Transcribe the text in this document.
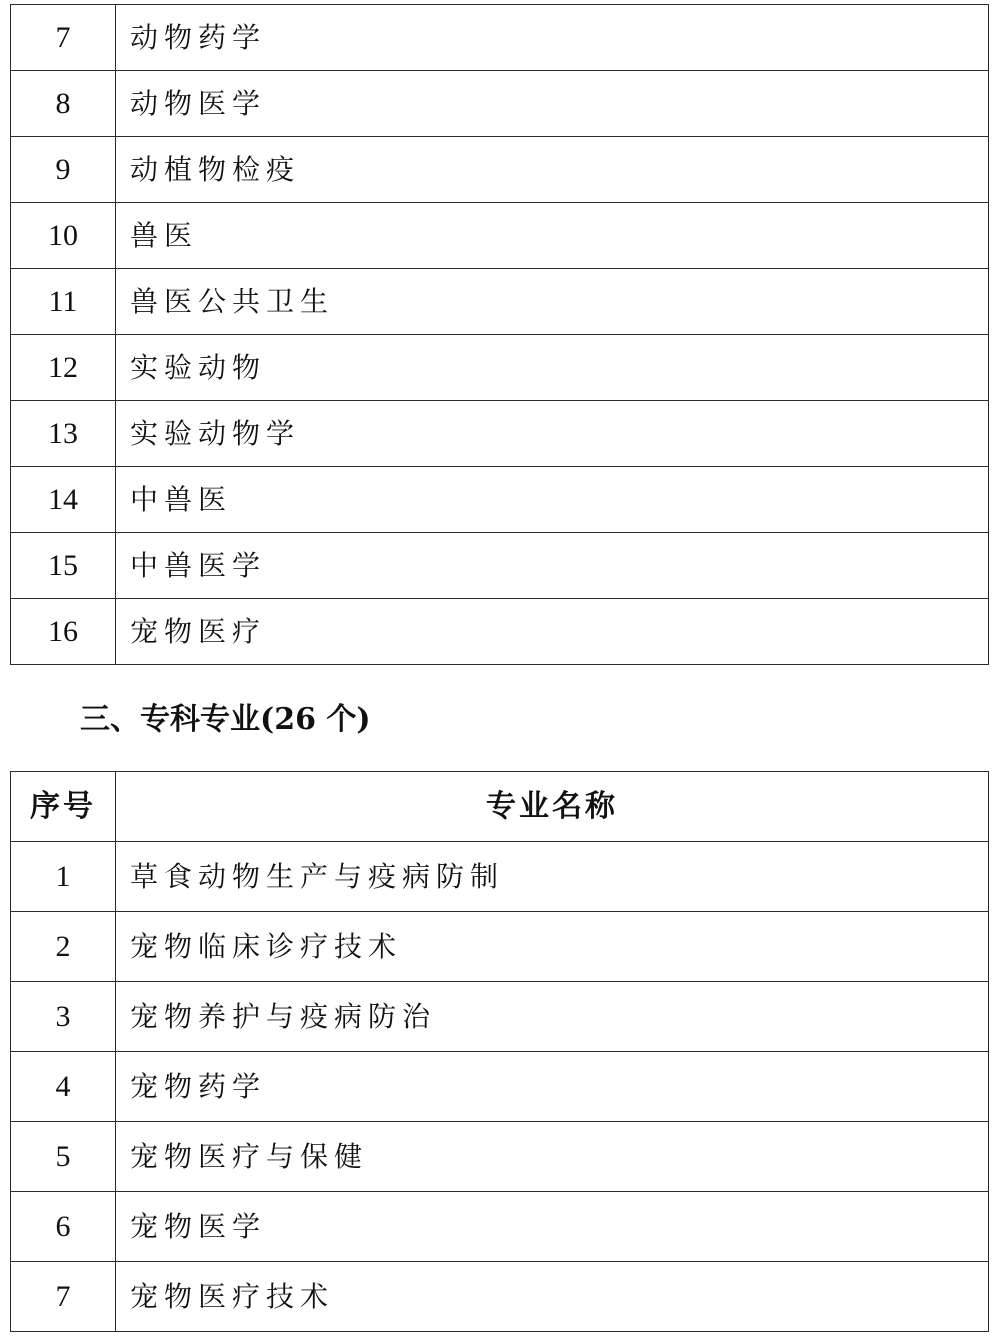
7	动物药学
8	动物医学
9	动植物检疫
10	兽医
11	兽医公共卫生
12	实验动物
13	实验动物学
14	中兽医
15	中兽医学
16	宠物医疗
三、专科专业(26 个)
序号	专业名称
1	草食动物生产与疫病防制
2	宠物临床诊疗技术
3	宠物养护与疫病防治
4	宠物药学
5	宠物医疗与保健
6	宠物医学
7	宠物医疗技术
